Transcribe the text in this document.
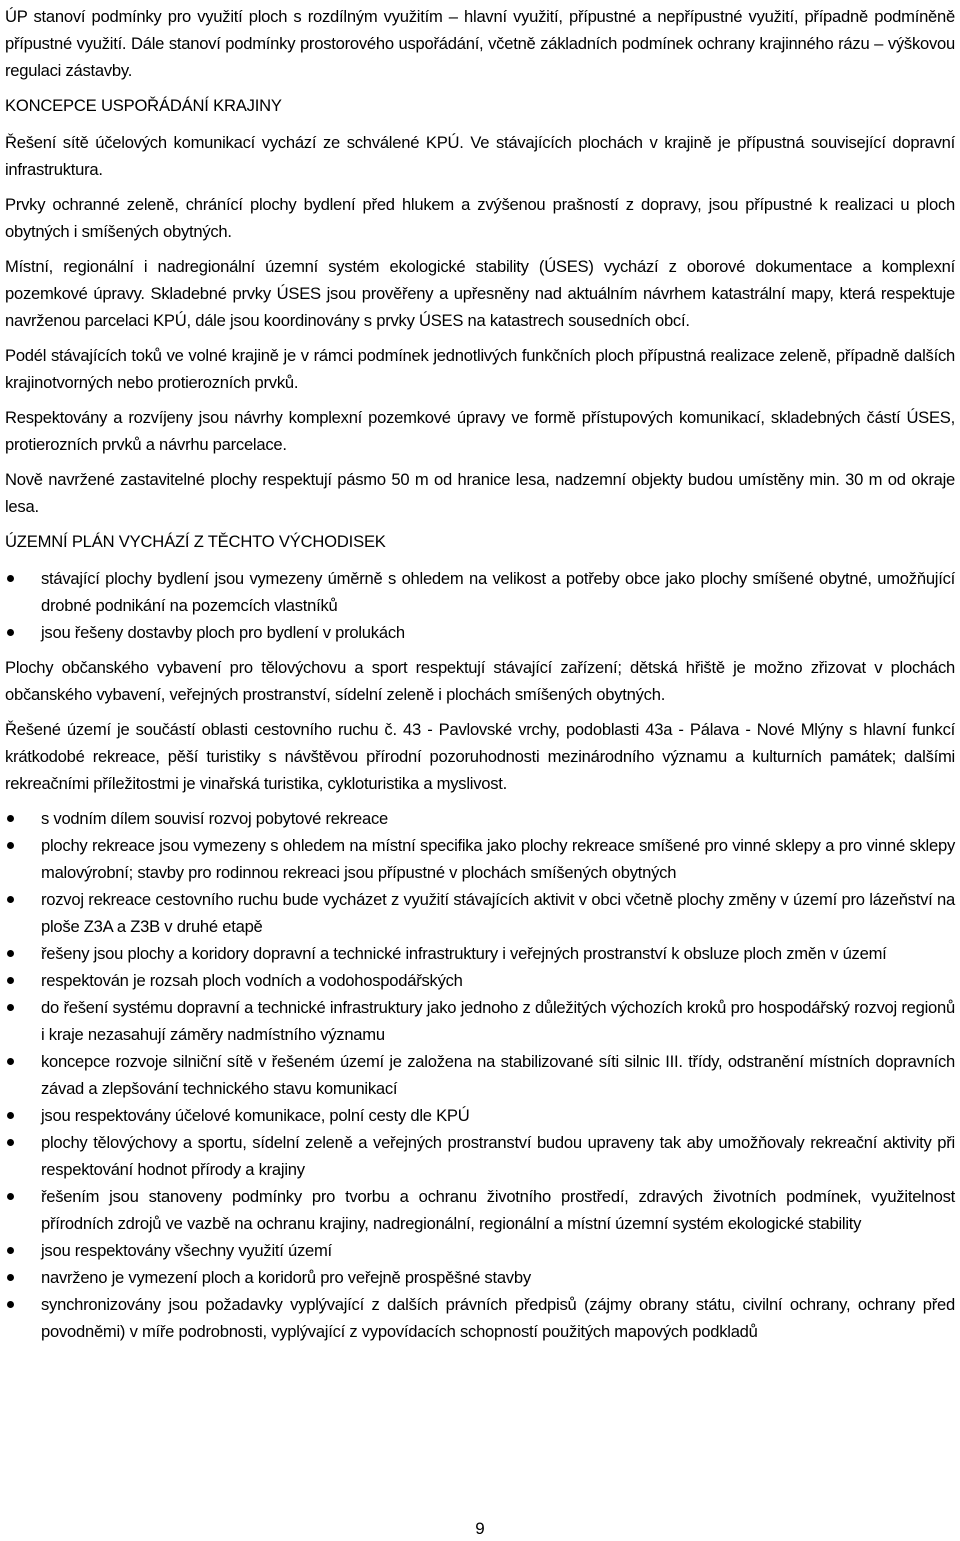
ÚP stanoví podmínky pro využití ploch s rozdílným využitím – hlavní využití, přípustné a nepřípustné využití, případně podmíněně přípustné využití. Dále stanoví podmínky prostorového uspořádání, včetně základních podmínek ochrany krajinného rázu – výškovou regulaci zástavby.

KONCEPCE USPOŘÁDÁNÍ KRAJINY

Řešení sítě účelových komunikací vychází ze schválené KPÚ. Ve stávajících plochách v krajině je přípustná související dopravní infrastruktura.

Prvky ochranné zeleně, chránící plochy bydlení před hlukem a zvýšenou prašností z dopravy, jsou přípustné k realizaci u ploch obytných i smíšených obytných.

Místní, regionální i nadregionální územní systém ekologické stability (ÚSES) vychází z oborové dokumentace a komplexní pozemkové úpravy. Skladebné prvky ÚSES jsou prověřeny a upřesněny nad aktuálním návrhem katastrální mapy, která respektuje navrženou parcelaci KPÚ, dále jsou koordinovány s prvky ÚSES na katastrech sousedních obcí.

Podél stávajících toků ve volné krajině je v rámci podmínek jednotlivých funkčních ploch přípustná realizace zeleně, případně dalších krajinotvorných nebo protierozních prvků.

Respektovány a rozvíjeny jsou návrhy komplexní pozemkové úpravy ve formě přístupových komunikací, skladebných částí ÚSES, protierozních prvků a návrhu parcelace.

Nově navržené zastavitelné plochy respektují pásmo 50 m od hranice lesa, nadzemní objekty budou umístěny min. 30 m od okraje lesa.

ÚZEMNÍ PLÁN VYCHÁZÍ Z TĚCHTO VÝCHODISEK
stávající plochy bydlení jsou vymezeny úměrně s ohledem na velikost a potřeby obce jako plochy smíšené obytné, umožňující drobné podnikání na pozemcích vlastníků
jsou řešeny dostavby ploch pro bydlení v prolukách

Plochy občanského vybavení pro tělovýchovu a sport respektují stávající zařízení; dětská hřiště je možno zřizovat v plochách občanského vybavení, veřejných prostranství, sídelní zeleně i plochách smíšených obytných.

Řešené území je součástí oblasti cestovního ruchu č. 43 - Pavlovské vrchy, podoblasti 43a - Pálava - Nové Mlýny s hlavní funkcí krátkodobé rekreace, pěší turistiky s návštěvou přírodní pozoruhodnosti mezinárodního významu a kulturních památek; dalšími rekreačními příležitostmi je vinařská turistika, cykloturistika a myslivost.

s vodním dílem souvisí rozvoj pobytové rekreace
plochy rekreace jsou vymezeny s ohledem na místní specifika jako plochy rekreace smíšené pro vinné sklepy a pro vinné sklepy malovýrobní; stavby pro rodinnou rekreaci jsou přípustné v plochách smíšených obytných
rozvoj rekreace cestovního ruchu bude vycházet z využití stávajících aktivit v obci včetně plochy změny v území pro lázeňství na ploše Z3A a Z3B v druhé etapě
řešeny jsou plochy a koridory dopravní a technické infrastruktury i veřejných prostranství k obsluze ploch změn v území
respektován je rozsah ploch vodních a vodohospodářských
do řešení systému dopravní a technické infrastruktury jako jednoho z důležitých výchozích kroků pro hospodářský rozvoj regionů i kraje nezasahují záměry nadmístního významu
koncepce rozvoje silniční sítě v řešeném území je založena na stabilizované síti silnic III. třídy, odstranění místních dopravních závad a zlepšování technického stavu komunikací
jsou respektovány účelové komunikace, polní cesty dle KPÚ
plochy tělovýchovy a sportu, sídelní zeleně a veřejných prostranství budou upraveny tak aby umožňovaly rekreační aktivity při respektování hodnot přírody a krajiny
řešením jsou stanoveny podmínky pro tvorbu a ochranu životního prostředí, zdravých životních podmínek, využitelnost přírodních zdrojů ve vazbě na ochranu krajiny, nadregionální, regionální a místní územní systém ekologické stability
jsou respektovány všechny využití území
navrženo je vymezení ploch a koridorů pro veřejně prospěšné stavby
synchronizovány jsou požadavky vyplývající z dalších právních předpisů (zájmy obrany státu, civilní ochrany, ochrany před povodněmi) v míře podrobnosti, vyplývající z vypovídacích schopností použitých mapových podkladů
9
